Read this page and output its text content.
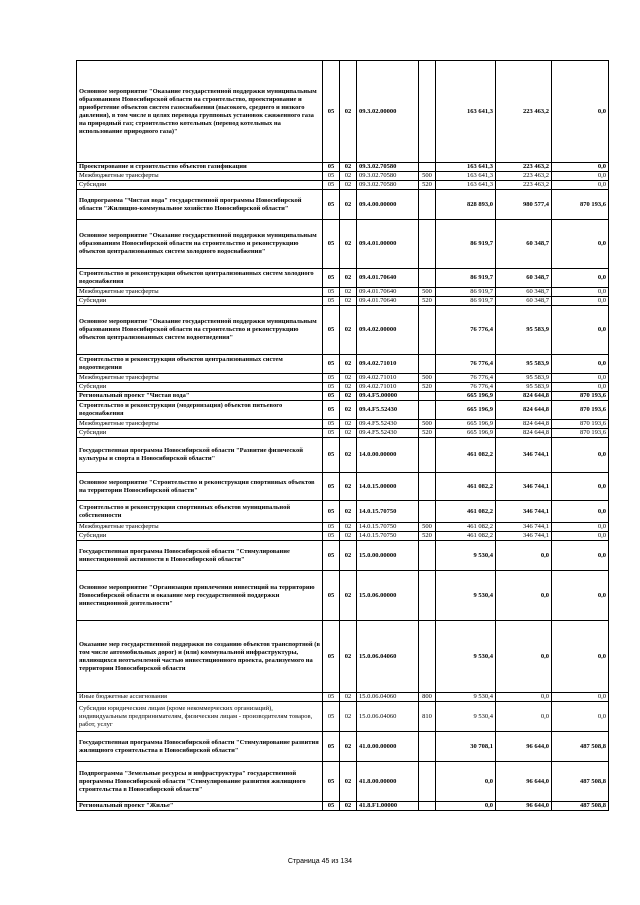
Основное мероприятие "Оказание государственной поддержки муниципальным образованиям Новосибирской области на строительство, проектирование и приобретение объектов систем газоснабжения (высокого, среднего и низкого давления), в том числе в целях перевода групповых установок сжиженного газа на природный газ; строительство котельных (перевод котельных на использование природного газа)"	05	02	09.3.02.00000		163 641,3	223 463,2	0,0
Проектирование и строительство объектов газификации	05	02	09.3.02.70580		163 641,3	223 463,2	0,0
Межбюджетные трансферты	05	02	09.3.02.70580	500	163 641,3	223 463,2	0,0
Субсидии	05	02	09.3.02.70580	520	163 641,3	223 463,2	0,0
Подпрограмма "Чистая вода" государственной программы Новосибирской области "Жилищно-коммунальное хозяйство Новосибирской области"	05	02	09.4.00.00000		828 893,0	980 577,4	870 193,6
Основное мероприятие "Оказание государственной поддержки муниципальным образованиям Новосибирской области на строительство и реконструкцию объектов централизованных систем холодного водоснабжения"	05	02	09.4.01.00000		86 919,7	60 348,7	0,0
Строительство и реконструкция объектов централизованных систем холодного водоснабжения	05	02	09.4.01.70640		86 919,7	60 348,7	0,0
Межбюджетные трансферты	05	02	09.4.01.70640	500	86 919,7	60 348,7	0,0
Субсидии	05	02	09.4.01.70640	520	86 919,7	60 348,7	0,0
Основное мероприятие "Оказание государственной поддержки муниципальным образованиям Новосибирской области на строительство и реконструкцию объектов централизованных систем водоотведения"	05	02	09.4.02.00000		76 776,4	95 583,9	0,0
Строительство и реконструкция объектов централизованных систем водоотведения	05	02	09.4.02.71010		76 776,4	95 583,9	0,0
Межбюджетные трансферты	05	02	09.4.02.71010	500	76 776,4	95 583,9	0,0
Субсидии	05	02	09.4.02.71010	520	76 776,4	95 583,9	0,0
Региональный проект "Чистая вода"	05	02	09.4.F5.00000		665 196,9	824 644,8	870 193,6
Строительство и реконструкция (модернизация) объектов питьевого водоснабжения	05	02	09.4.F5.52430		665 196,9	824 644,8	870 193,6
Межбюджетные трансферты	05	02	09.4.F5.52430	500	665 196,9	824 644,8	870 193,6
Субсидии	05	02	09.4.F5.52430	520	665 196,9	824 644,8	870 193,6
Государственная программа Новосибирской области "Развитие физической культуры и спорта в Новосибирской области"	05	02	14.0.00.00000		461 082,2	346 744,1	0,0
Основное мероприятие "Строительство и реконструкция спортивных объектов на территории Новосибирской области"	05	02	14.0.15.00000		461 082,2	346 744,1	0,0
Строительство и реконструкция спортивных объектов муниципальной собственности	05	02	14.0.15.70750		461 082,2	346 744,1	0,0
Межбюджетные трансферты	05	02	14.0.15.70750	500	461 082,2	346 744,1	0,0
Субсидии	05	02	14.0.15.70750	520	461 082,2	346 744,1	0,0
Государственная программа Новосибирской области "Стимулирование инвестиционной активности в Новосибирской области"	05	02	15.0.00.00000		9 530,4	0,0	0,0
Основное мероприятие "Организация привлечения инвестиций на территорию Новосибирской области и оказание мер государственной поддержки инвестиционной деятельности"	05	02	15.0.06.00000		9 530,4	0,0	0,0
Оказание мер государственной поддержки по созданию объектов транспортной (в том числе автомобильных дорог) и (или) коммунальной инфраструктуры, являющихся неотъемлемой частью инвестиционного проекта, реализуемого на территории Новосибирской области	05	02	15.0.06.04060		9 530,4	0,0	0,0
Иные бюджетные ассигнования	05	02	15.0.06.04060	800	9 530,4	0,0	0,0
Субсидии юридическим лицам (кроме некоммерческих организаций), индивидуальным предпринимателям, физическим лицам - производителям товаров, работ, услуг	05	02	15.0.06.04060	810	9 530,4	0,0	0,0
Государственная программа Новосибирской области "Стимулирование развития жилищного строительства в Новосибирской области"	05	02	41.0.00.00000		30 708,1	96 644,0	487 508,8
Подпрограмма "Земельные ресурсы и инфраструктура" государственной программы Новосибирской области "Стимулирование развития жилищного строительства в Новосибирской области"	05	02	41.8.00.00000		0,0	96 644,0	487 508,8
Региональный проект "Жилье"	05	02	41.8.F1.00000		0,0	96 644,0	487 508,8
Страница 45 из 134
